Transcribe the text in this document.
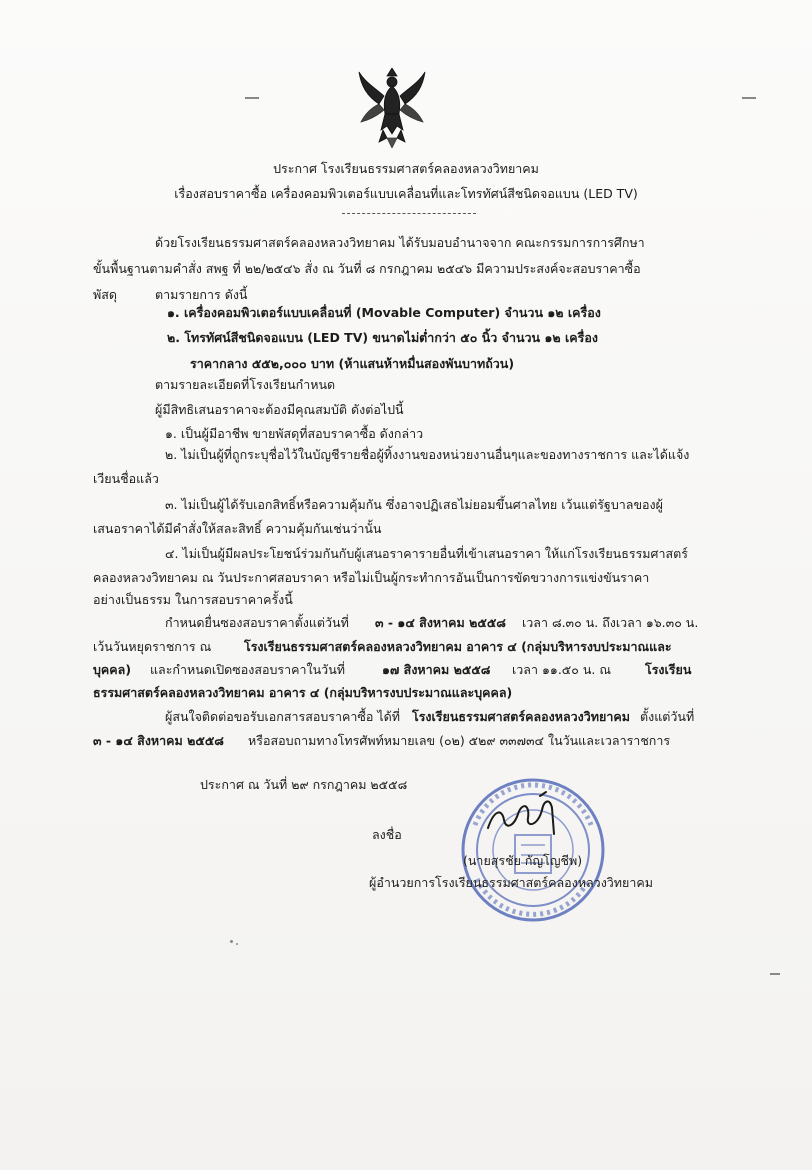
ประกาศ โรงเรียนธรรมศาสตร์คลองหลวงวิทยาคม
เรื่องสอบราคาซื้อ เครื่องคอมพิวเตอร์แบบเคลื่อนที่และโทรทัศน์สีชนิดจอแบน (LED TV)
ด้วยโรงเรียนธรรมศาสตร์คลองหลวงวิทยาคม ได้รับมอบอำนาจจาก คณะกรรมการการศึกษา
ขั้นพื้นฐานตามคำสั่ง สพฐ ที่ ๒๒/๒๕๔๖ สั่ง ณ วันที่ ๘ กรกฎาคม ๒๕๔๖ มีความประสงค์จะสอบราคาซื้อ
พัสดุ	ตามรายการ ดังนี้
๑. เครื่องคอมพิวเตอร์แบบเคลื่อนที่ (Movable Computer) จำนวน ๑๒ เครื่อง
๒. โทรทัศน์สีชนิดจอแบน (LED TV) ขนาดไม่ต่ำกว่า ๕๐ นิ้ว จำนวน ๑๒ เครื่อง
ราคากลาง ๕๕๒,๐๐๐ บาท (ห้าแสนห้าหมื่นสองพันบาทถ้วน)
ตามรายละเอียดที่โรงเรียนกำหนด
ผู้มีสิทธิเสนอราคาจะต้องมีคุณสมบัติ ดังต่อไปนี้
๑. เป็นผู้มีอาชีพ ขายพัสดุที่สอบราคาซื้อ ดังกล่าว
๒. ไม่เป็นผู้ที่ถูกระบุชื่อไว้ในบัญชีรายชื่อผู้ทิ้งงานของหน่วยงานอื่นๆและของทางราชการ และได้แจ้ง
เวียนชื่อแล้ว
๓. ไม่เป็นผู้ได้รับเอกสิทธิ์หรือความคุ้มกัน ซึ่งอาจปฏิเสธไม่ยอมขึ้นศาลไทย เว้นแต่รัฐบาลของผู้
เสนอราคาได้มีคำสั่งให้สละสิทธิ์ ความคุ้มกันเช่นว่านั้น
๔. ไม่เป็นผู้มีผลประโยชน์ร่วมกันกับผู้เสนอราคารายอื่นที่เข้าเสนอราคา ให้แก่โรงเรียนธรรมศาสตร์
คลองหลวงวิทยาคม ณ วันประกาศสอบราคา หรือไม่เป็นผู้กระทำการอันเป็นการขัดขวางการแข่งขันราคา
อย่างเป็นธรรม ในการสอบราคาครั้งนี้
กำหนดยื่นซองสอบราคาตั้งแต่วันที่ ๓ - ๑๔ สิงหาคม ๒๕๕๘ เวลา ๘.๓๐ น. ถึงเวลา ๑๖.๓๐ น.
เว้นวันหยุดราชการ ณ	โรงเรียนธรรมศาสตร์คลองหลวงวิทยาคม อาคาร ๔ (กลุ่มบริหารงบประมาณและ
บุคคล) และกำหนดเปิดซองสอบราคาในวันที่	๑๗ สิงหาคม ๒๕๕๘ เวลา ๑๑.๕๐ น. ณ	โรงเรียน
ธรรมศาสตร์คลองหลวงวิทยาคม อาคาร ๔ (กลุ่มบริหารงบประมาณและบุคคล)
ผู้สนใจติดต่อขอรับเอกสารสอบราคาซื้อ ได้ที่ โรงเรียนธรรมศาสตร์คลองหลวงวิทยาคม ตั้งแต่วันที่
๓ - ๑๔ สิงหาคม ๒๕๕๘ หรือสอบถามทางโทรศัพท์หมายเลข (๐๒) ๕๒๙ ๓๓๗๓๔ ในวันและเวลาราชการ
ประกาศ ณ วันที่ ๒๙ กรกฎาคม ๒๕๕๘
ลงชื่อ
(นายสุรชัย กัญโญชีพ)
ผู้อำนวยการโรงเรียนธรรมศาสตร์คลองหลวงวิทยาคม
